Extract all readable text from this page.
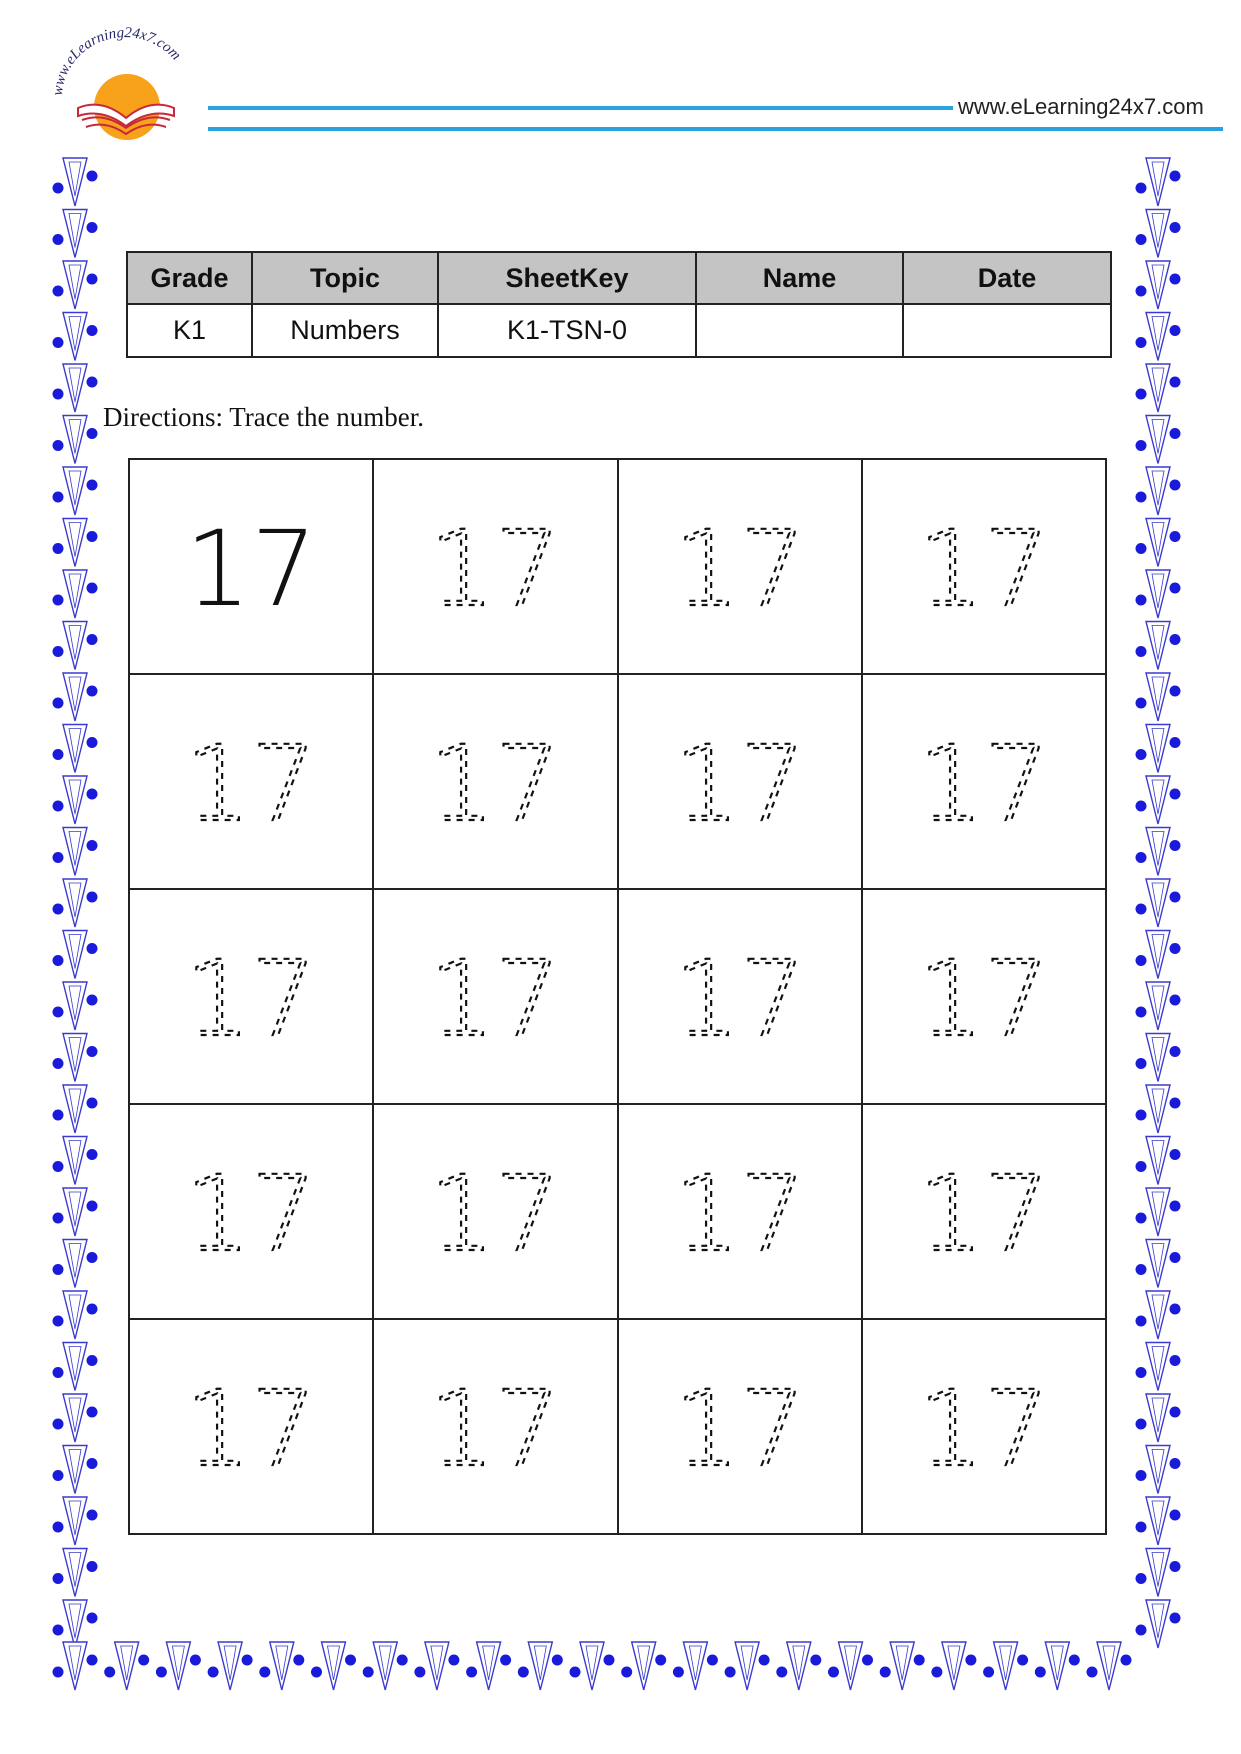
www.eLearning24x7.com
www.eLearning24x7.com
Grade	Topic	SheetKey	Name	Date
K1	Numbers	K1-TSN-0		
Directions: Trace the number.
17 17 17 17
17 17 17 17
17 17 17 17
17 17 17 17
17 17 17 17
